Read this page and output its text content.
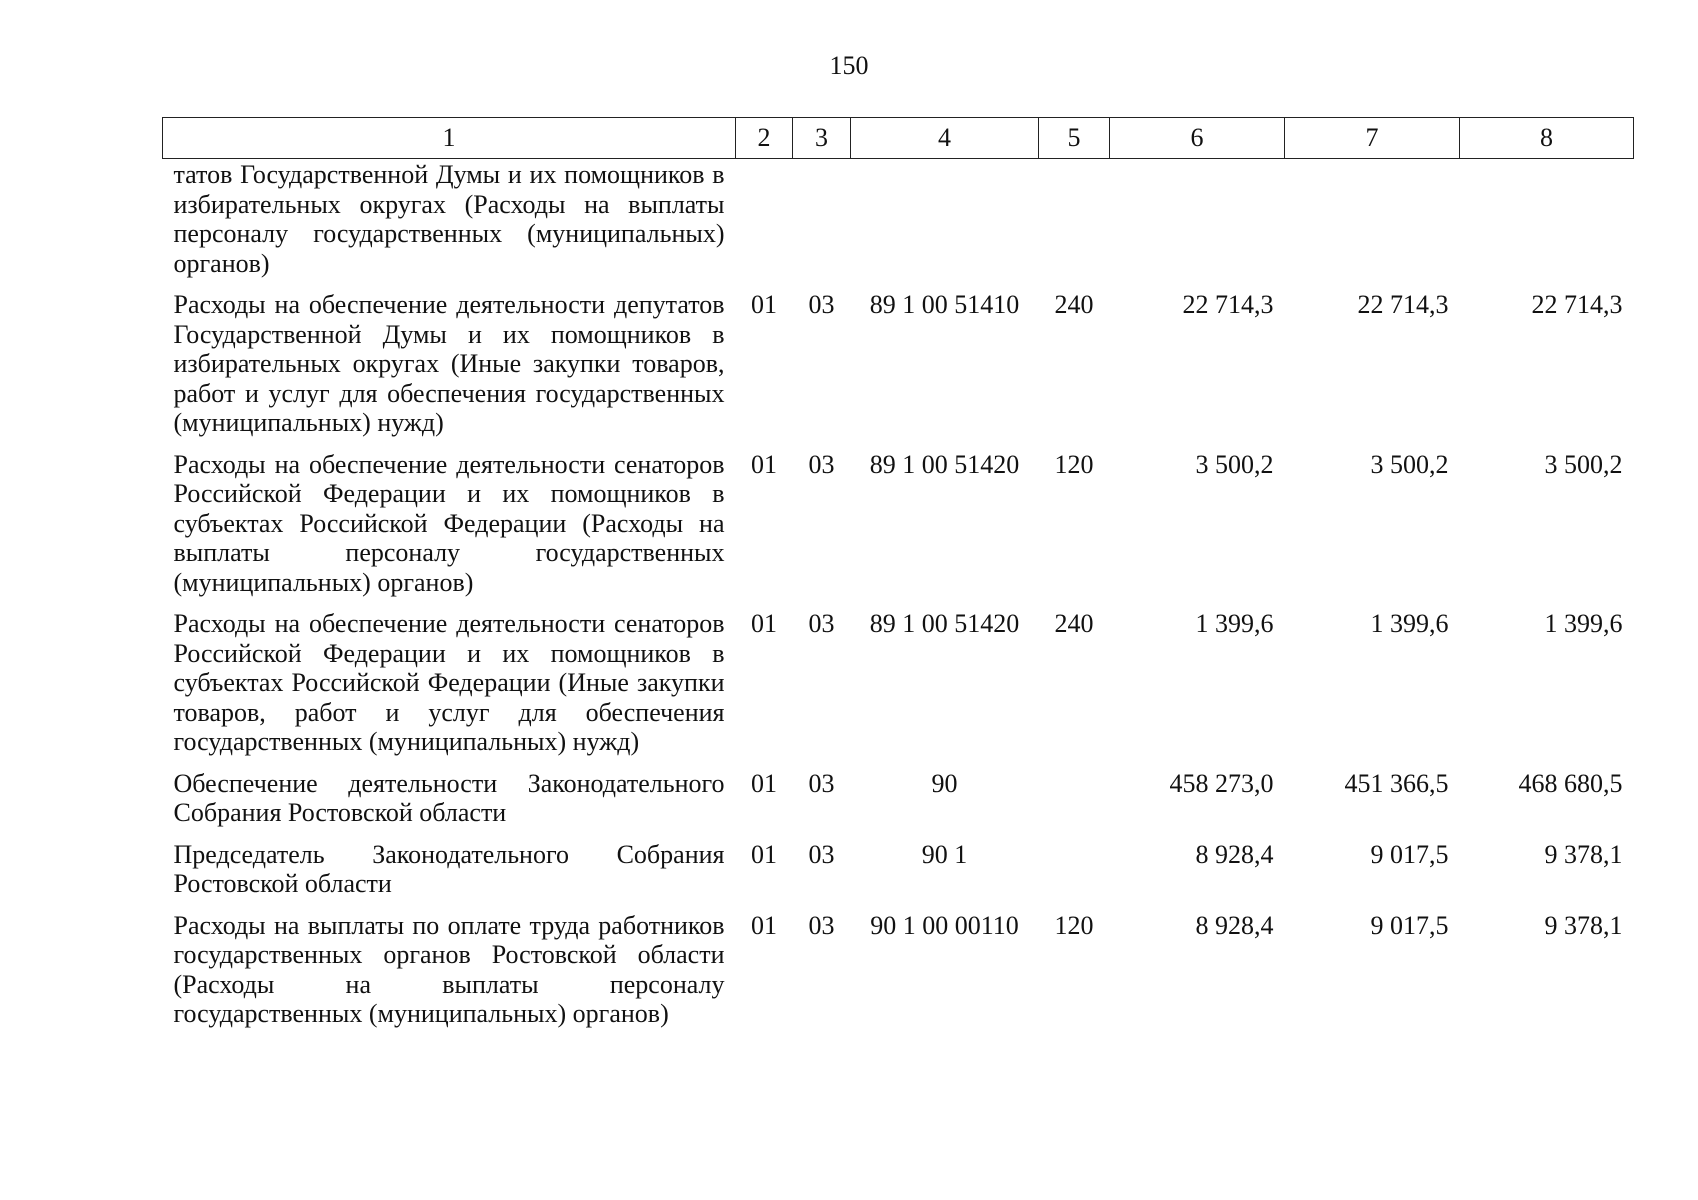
150
1	2	3	4	5	6	7	8
татов Государственной Думы и их помощников в избирательных округах (Расходы на выплаты персоналу государственных (муниципальных) органов)							
Расходы на обеспечение деятельности депутатов Государственной Думы и их помощников в избирательных округах (Иные закупки товаров, работ и услуг для обеспечения государственных (муниципальных) нужд)	01	03	89 1 00 51410	240	22 714,3	22 714,3	22 714,3
Расходы на обеспечение деятельности сенаторов Российской Федерации и их помощников в субъектах Российской Федерации (Расходы на выплаты персоналу государственных (муниципальных) органов)	01	03	89 1 00 51420	120	3 500,2	3 500,2	3 500,2
Расходы на обеспечение деятельности сенаторов Российской Федерации и их помощников в субъектах Российской Федерации (Иные закупки товаров, работ и услуг для обеспечения государственных (муниципальных) нужд)	01	03	89 1 00 51420	240	1 399,6	1 399,6	1 399,6
Обеспечение деятельности Законодательного Собрания Ростовской области	01	03	90		458 273,0	451 366,5	468 680,5
Председатель Законодательного Собрания Ростовской области	01	03	90 1		8 928,4	9 017,5	9 378,1
Расходы на выплаты по оплате труда работников государственных органов Ростовской области (Расходы на выплаты персоналу государственных (муниципальных) органов)	01	03	90 1 00 00110	120	8 928,4	9 017,5	9 378,1
